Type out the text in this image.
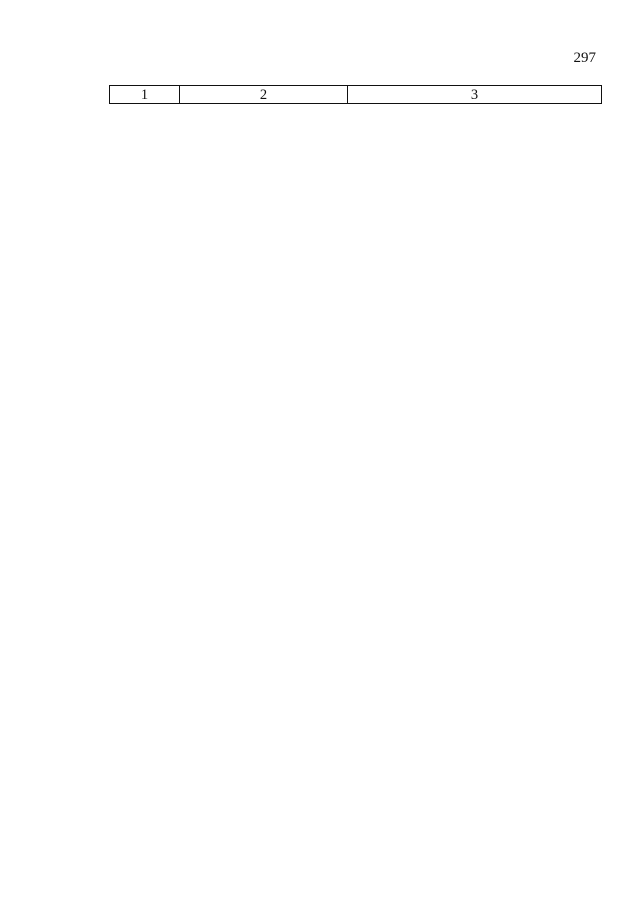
297
1	2	3
